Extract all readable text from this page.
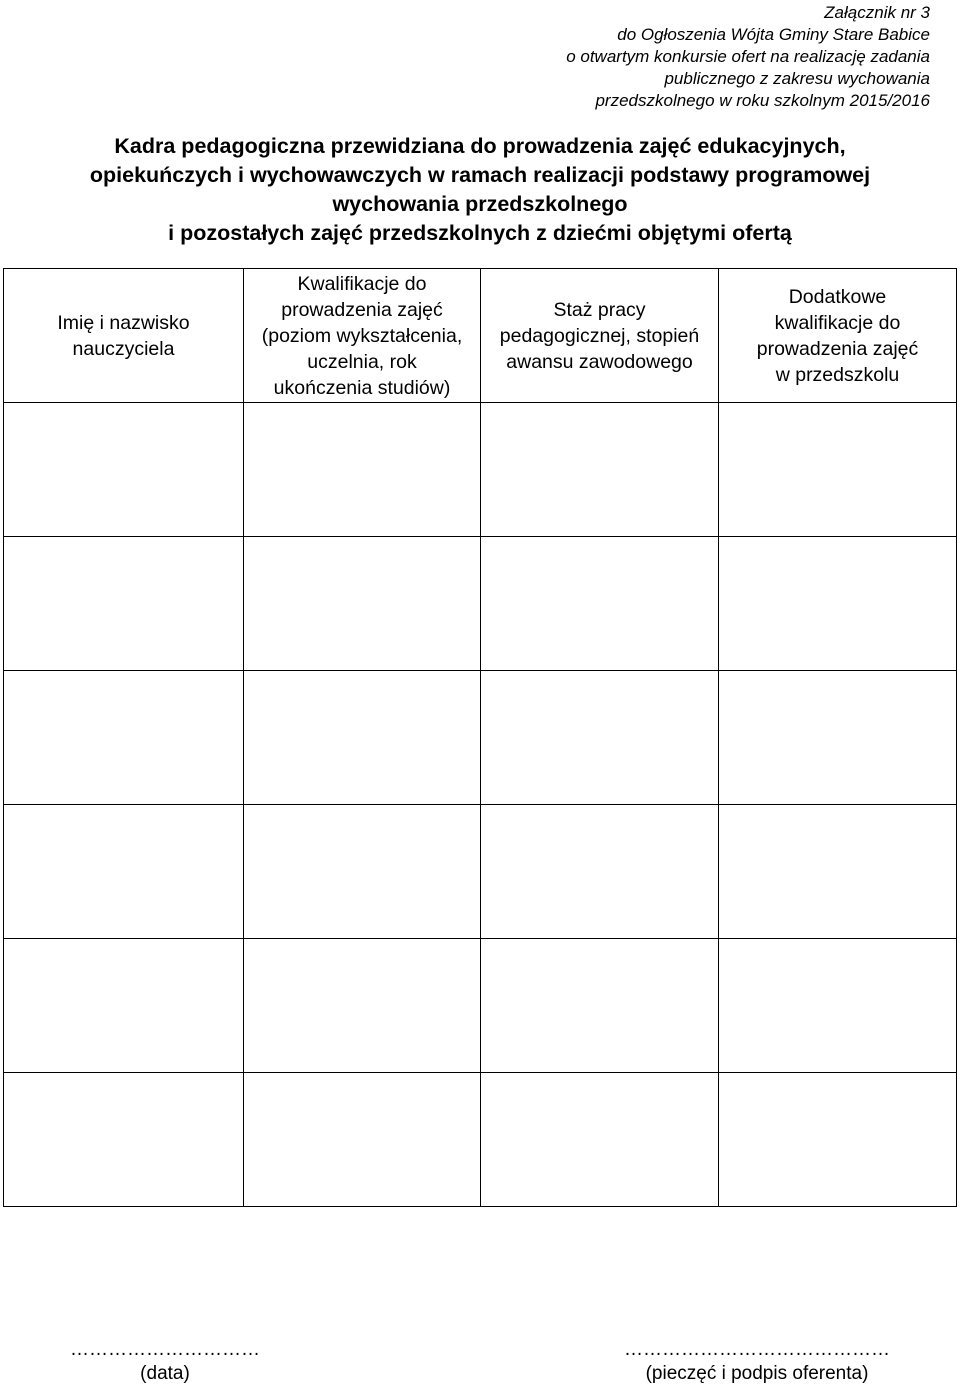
Załącznik nr 3
do Ogłoszenia Wójta Gminy Stare Babice
o otwartym konkursie ofert na realizację zadania
publicznego z zakresu wychowania
przedszkolnego w roku szkolnym 2015/2016
Kadra pedagogiczna przewidziana do prowadzenia zajęć edukacyjnych,
opiekuńczych i wychowawczych w ramach realizacji podstawy programowej
wychowania przedszkolnego
i pozostałych zajęć przedszkolnych z dziećmi objętymi ofertą
Imię i nazwisko
nauczyciela	Kwalifikacje do
prowadzenia zajęć
(poziom wykształcenia,
uczelnia, rok
ukończenia studiów)	Staż pracy
pedagogicznej, stopień
awansu zawodowego	Dodatkowe
kwalifikacje do
prowadzenia zajęć
w przedszkolu

…………………………
(data)
……………………………………
(pieczęć i podpis oferenta)
